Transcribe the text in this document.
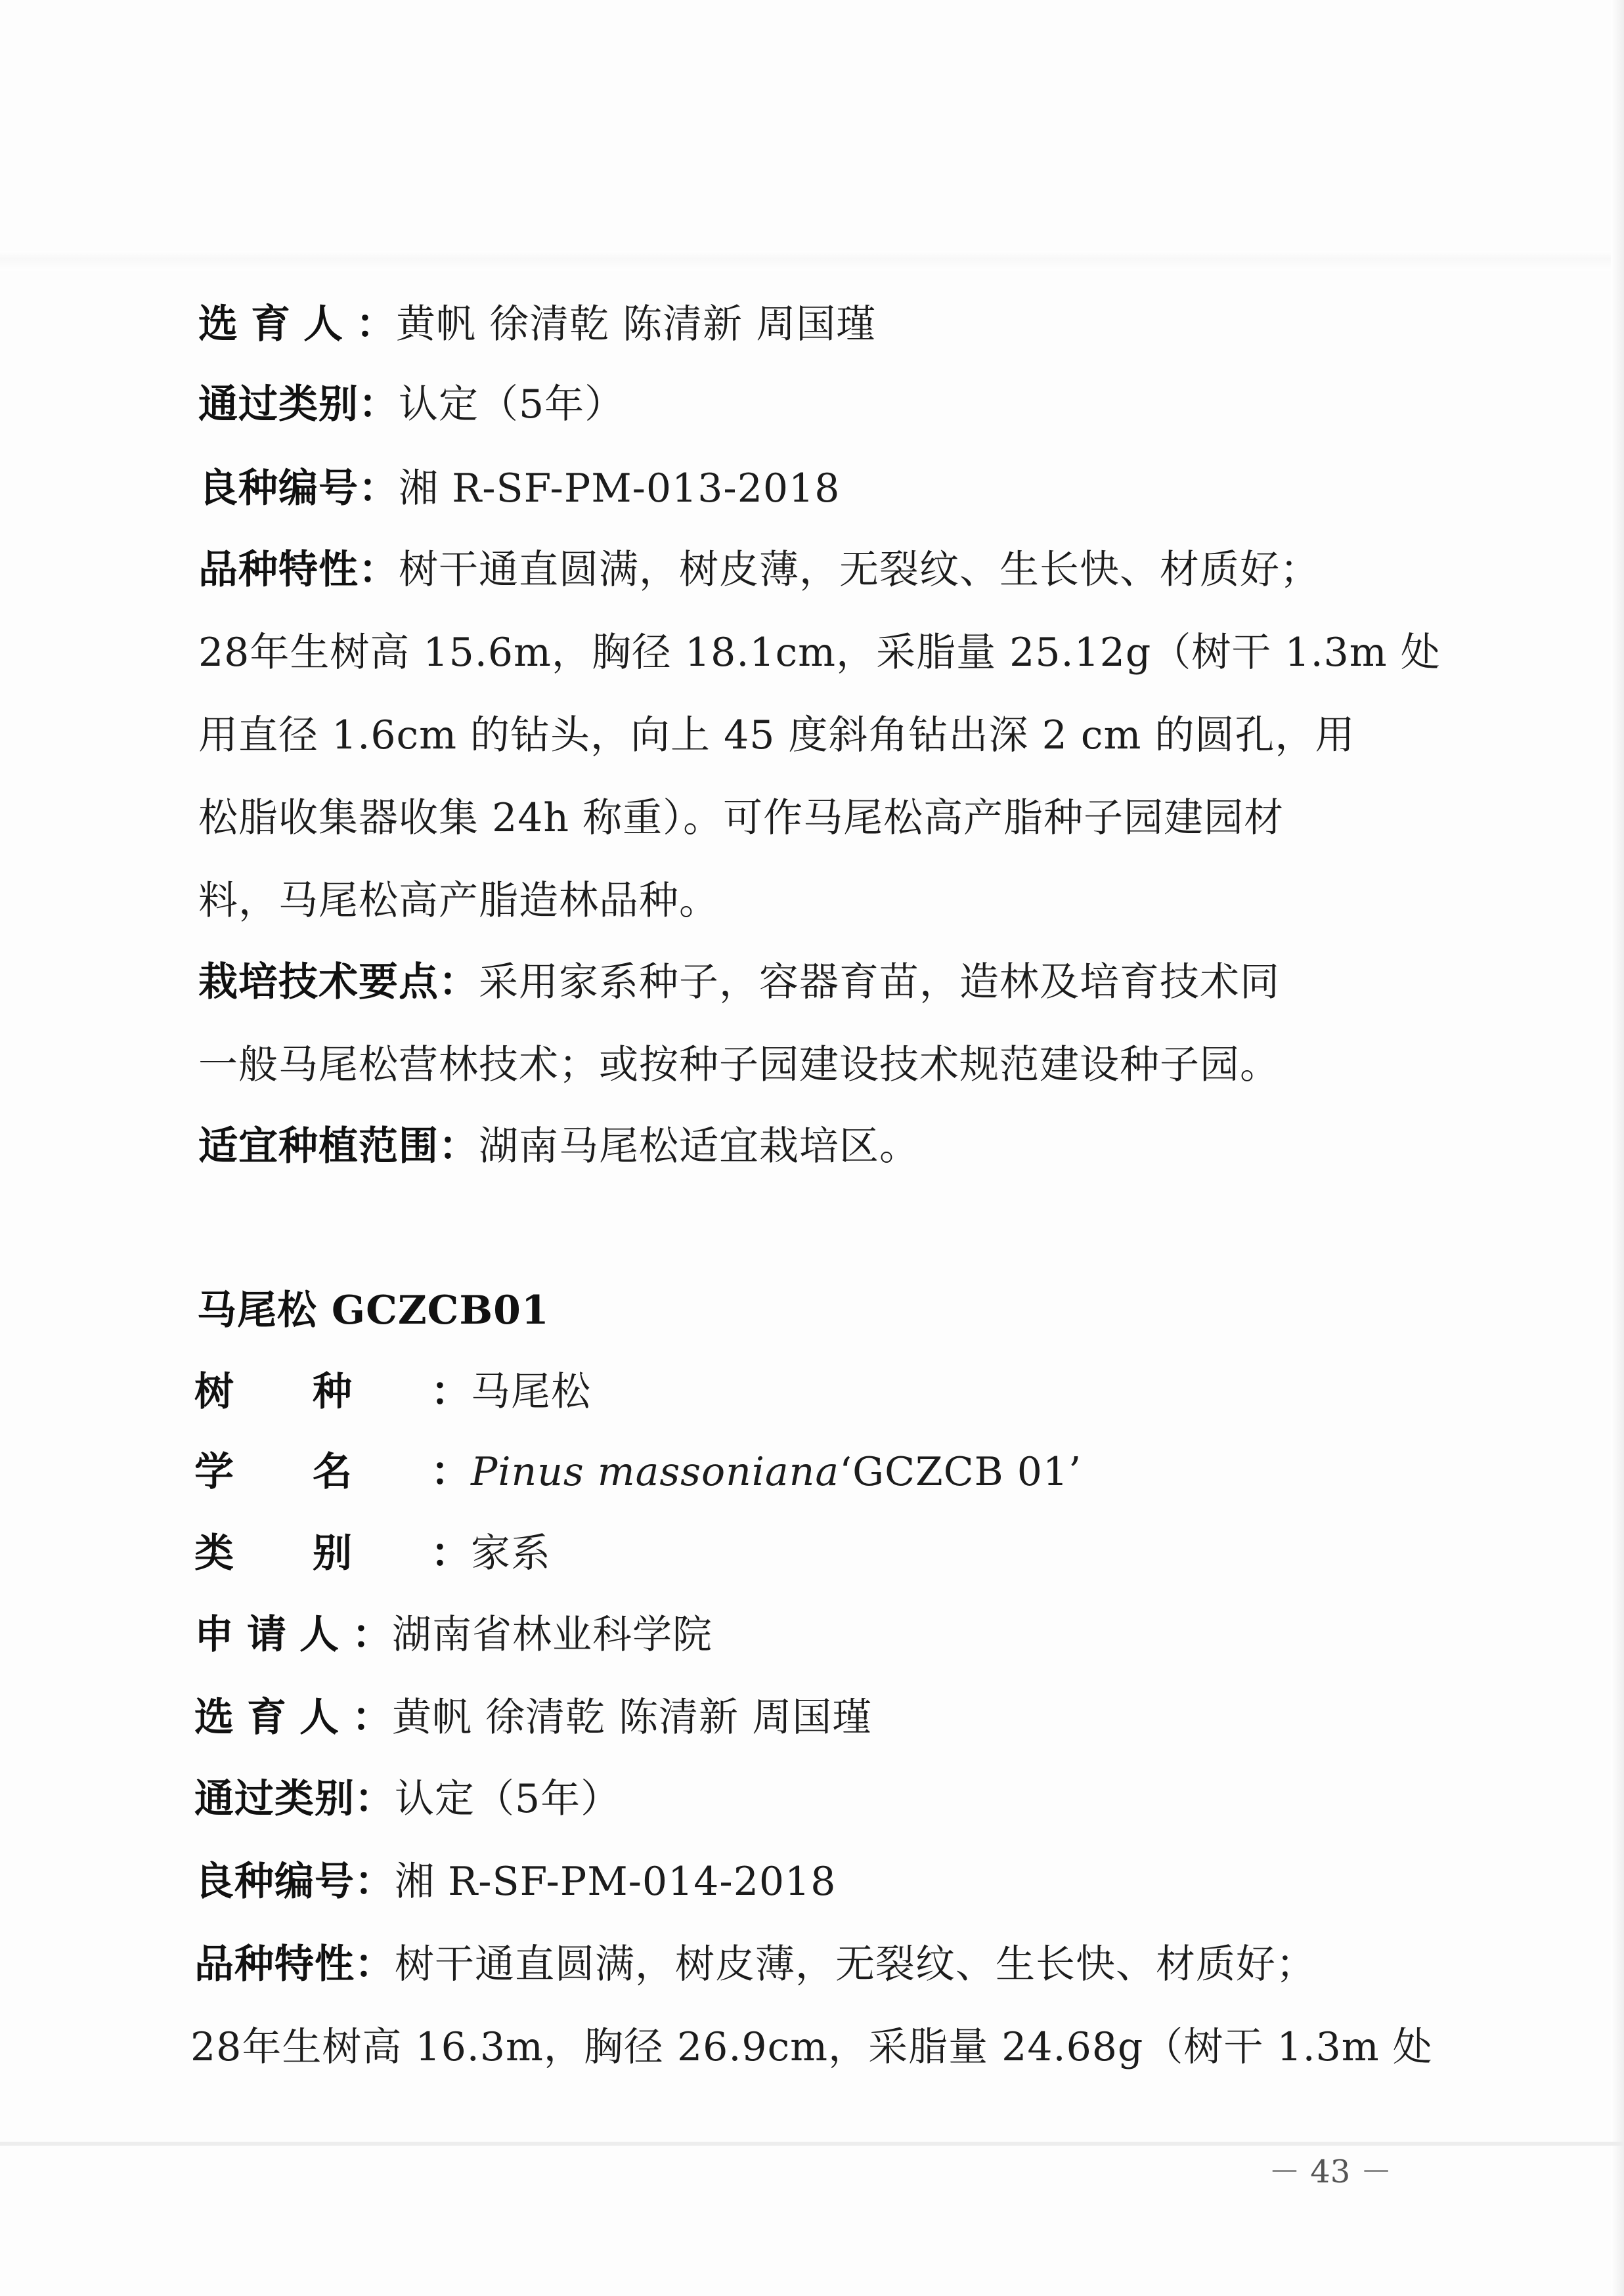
选育人：黄帆 徐清乾 陈清新 周国瑾
通过类别：认定（5年）
良种编号：湘 R-SF-PM-013-2018
品种特性：树干通直圆满，树皮薄，无裂纹、生长快、材质好；
28年生树高 15.6m，胸径 18.1cm，采脂量 25.12g（树干 1.3m 处
用直径 1.6cm 的钻头，向上 45 度斜角钻出深 2 cm 的圆孔，用
松脂收集器收集 24h 称重）。可作马尾松高产脂种子园建园材
料，马尾松高产脂造林品种。
栽培技术要点：采用家系种子，容器育苗，造林及培育技术同
一般马尾松营林技术；或按种子园建设技术规范建设种子园。
适宜种植范围：湖南马尾松适宜栽培区。
马尾松 GCZCB01
树种：马尾松
学名：Pinus massoniana‘GCZCB 01’
类别：家系
申请人：湖南省林业科学院
选育人：黄帆 徐清乾 陈清新 周国瑾
通过类别：认定（5年）
良种编号：湘 R-SF-PM-014-2018
品种特性：树干通直圆满，树皮薄，无裂纹、生长快、材质好；
28年生树高 16.3m，胸径 26.9cm，采脂量 24.68g（树干 1.3m 处
－ 43 －
